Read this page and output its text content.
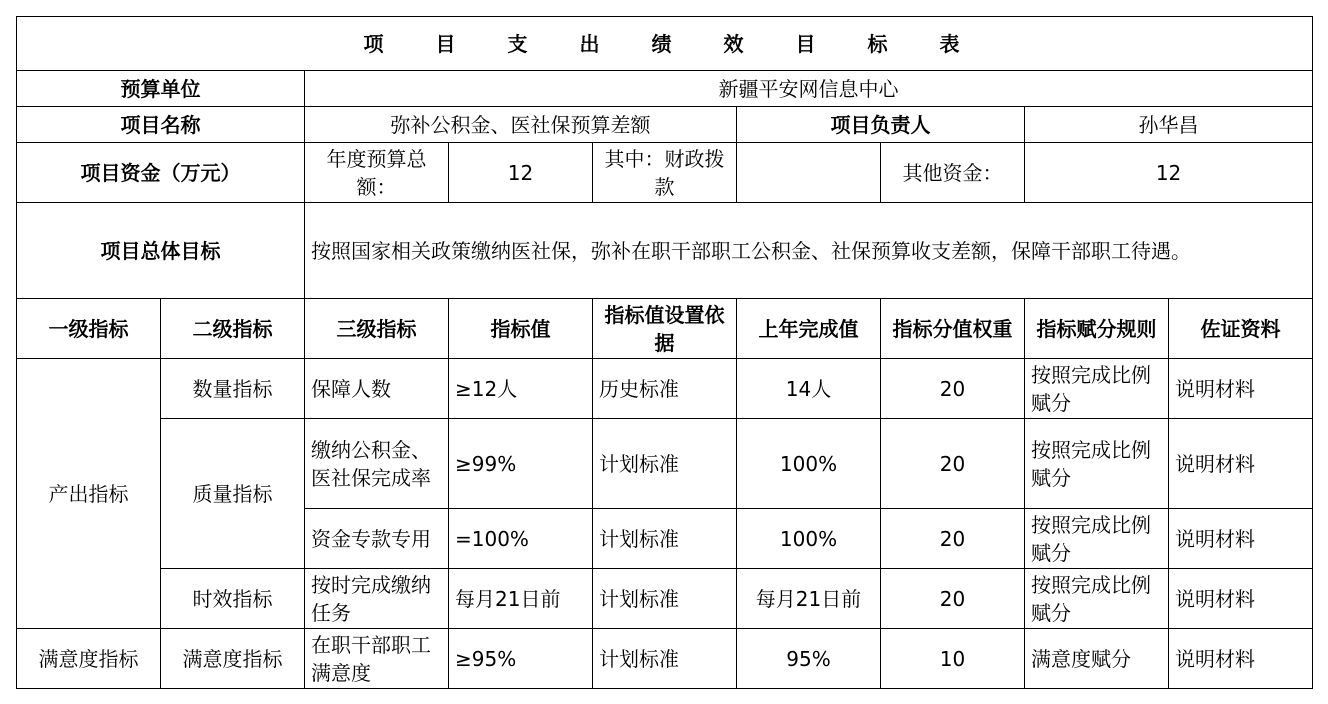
项目支出绩效目标表								
预算单位		新疆平安网信息中心						
项目名称		弥补公积金、医社保预算差额			项目负责人		孙华昌	
项目资金（万元）		年度预算总额：	12	其中：财政拨款		其他资金：	12	
项目总体目标		按照国家相关政策缴纳医社保，弥补在职干部职工公积金、社保预算收支差额，保障干部职工待遇。						
一级指标	二级指标	三级指标	指标值	指标值设置依据	上年完成值	指标分值权重	指标赋分规则	佐证资料
产出指标	数量指标	保障人数	≥12人	历史标准	14人	20	按照完成比例赋分	说明材料
	质量指标	缴纳公积金、医社保完成率	≥99%	计划标准	100%	20	按照完成比例赋分	说明材料
		资金专款专用	=100%	计划标准	100%	20	按照完成比例赋分	说明材料
	时效指标	按时完成缴纳任务	每月21日前	计划标准	每月21日前	20	按照完成比例赋分	说明材料
满意度指标	满意度指标	在职干部职工满意度	≥95%	计划标准	95%	10	满意度赋分	说明材料
